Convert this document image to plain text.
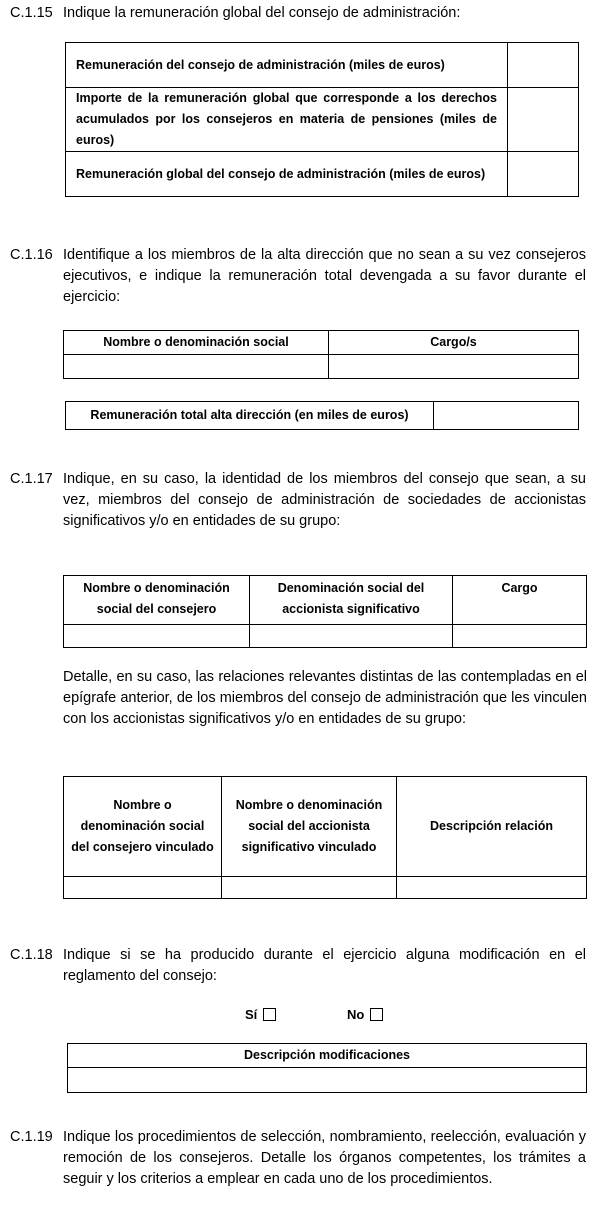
C.1.15 Indique la remuneración global del consejo de administración:
Remuneración del consejo de administración (miles de euros)	
Importe de la remuneración global que corresponde a los derechos acumulados por los consejeros en materia de pensiones (miles de euros)	
Remuneración global del consejo de administración (miles de euros)	
C.1.16 Identifique a los miembros de la alta dirección que no sean a su vez consejeros ejecutivos, e indique la remuneración total devengada a su favor durante el ejercicio:
Nombre o denominación social	Cargo/s

Remuneración total alta dirección (en miles de euros)	
C.1.17 Indique, en su caso, la identidad de los miembros del consejo que sean, a su vez, miembros del consejo de administración de sociedades de accionistas significativos y/o en entidades de su grupo:
Nombre o denominación social del consejero	Denominación social del accionista significativo	Cargo

Detalle, en su caso, las relaciones relevantes distintas de las contempladas en el epígrafe anterior, de los miembros del consejo de administración que les vinculen con los accionistas significativos y/o en entidades de su grupo:
Nombre o denominación social del consejero vinculado	Nombre o denominación social del accionista significativo vinculado	Descripción relación

C.1.18 Indique si se ha producido durante el ejercicio alguna modificación en el reglamento del consejo:
Sí	No
Descripción modificaciones

C.1.19 Indique los procedimientos de selección, nombramiento, reelección, evaluación y remoción de los consejeros. Detalle los órganos competentes, los trámites a seguir y los criterios a emplear en cada uno de los procedimientos.
